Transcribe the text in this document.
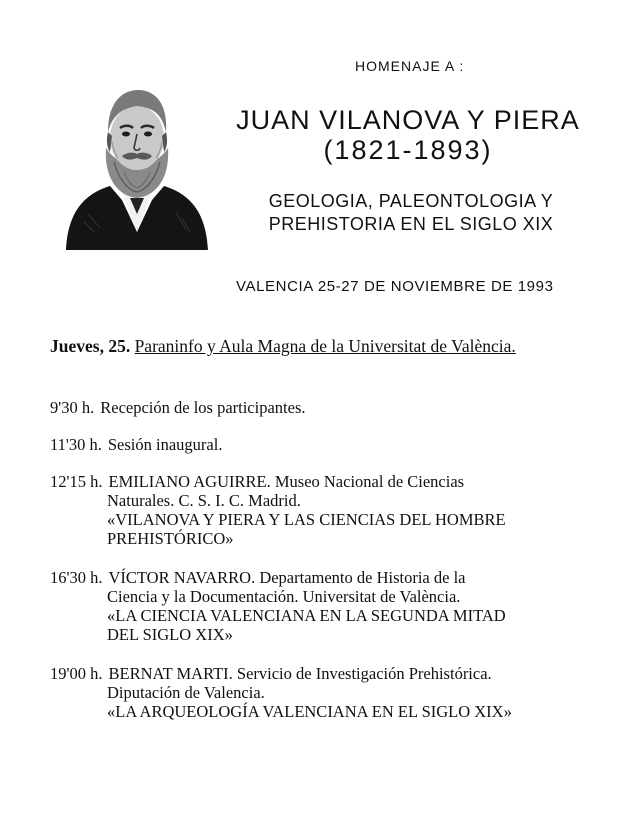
HOMENAJE A :
JUAN VILANOVA Y PIERA
(1821-1893)
GEOLOGIA, PALEONTOLOGIA Y
PREHISTORIA EN EL SIGLO XIX
VALENCIA 25-27 DE NOVIEMBRE DE 1993
Jueves, 25. Paraninfo y Aula Magna de la Universitat de València.
9'30 h. Recepción de los participantes.
11'30 h. Sesión inaugural.
12'15 h. EMILIANO AGUIRRE. Museo Nacional de Ciencias
Naturales. C. S. I. C. Madrid.
«VILANOVA Y PIERA Y LAS CIENCIAS DEL HOMBRE
PREHISTÓRICO»
16'30 h. VÍCTOR NAVARRO. Departamento de Historia de la
Ciencia y la Documentación. Universitat de València.
«LA CIENCIA VALENCIANA EN LA SEGUNDA MITAD
DEL SIGLO XIX»
19'00 h. BERNAT MARTI. Servicio de Investigación Prehistórica.
Diputación de Valencia.
«LA ARQUEOLOGÍA VALENCIANA EN EL SIGLO XIX»
